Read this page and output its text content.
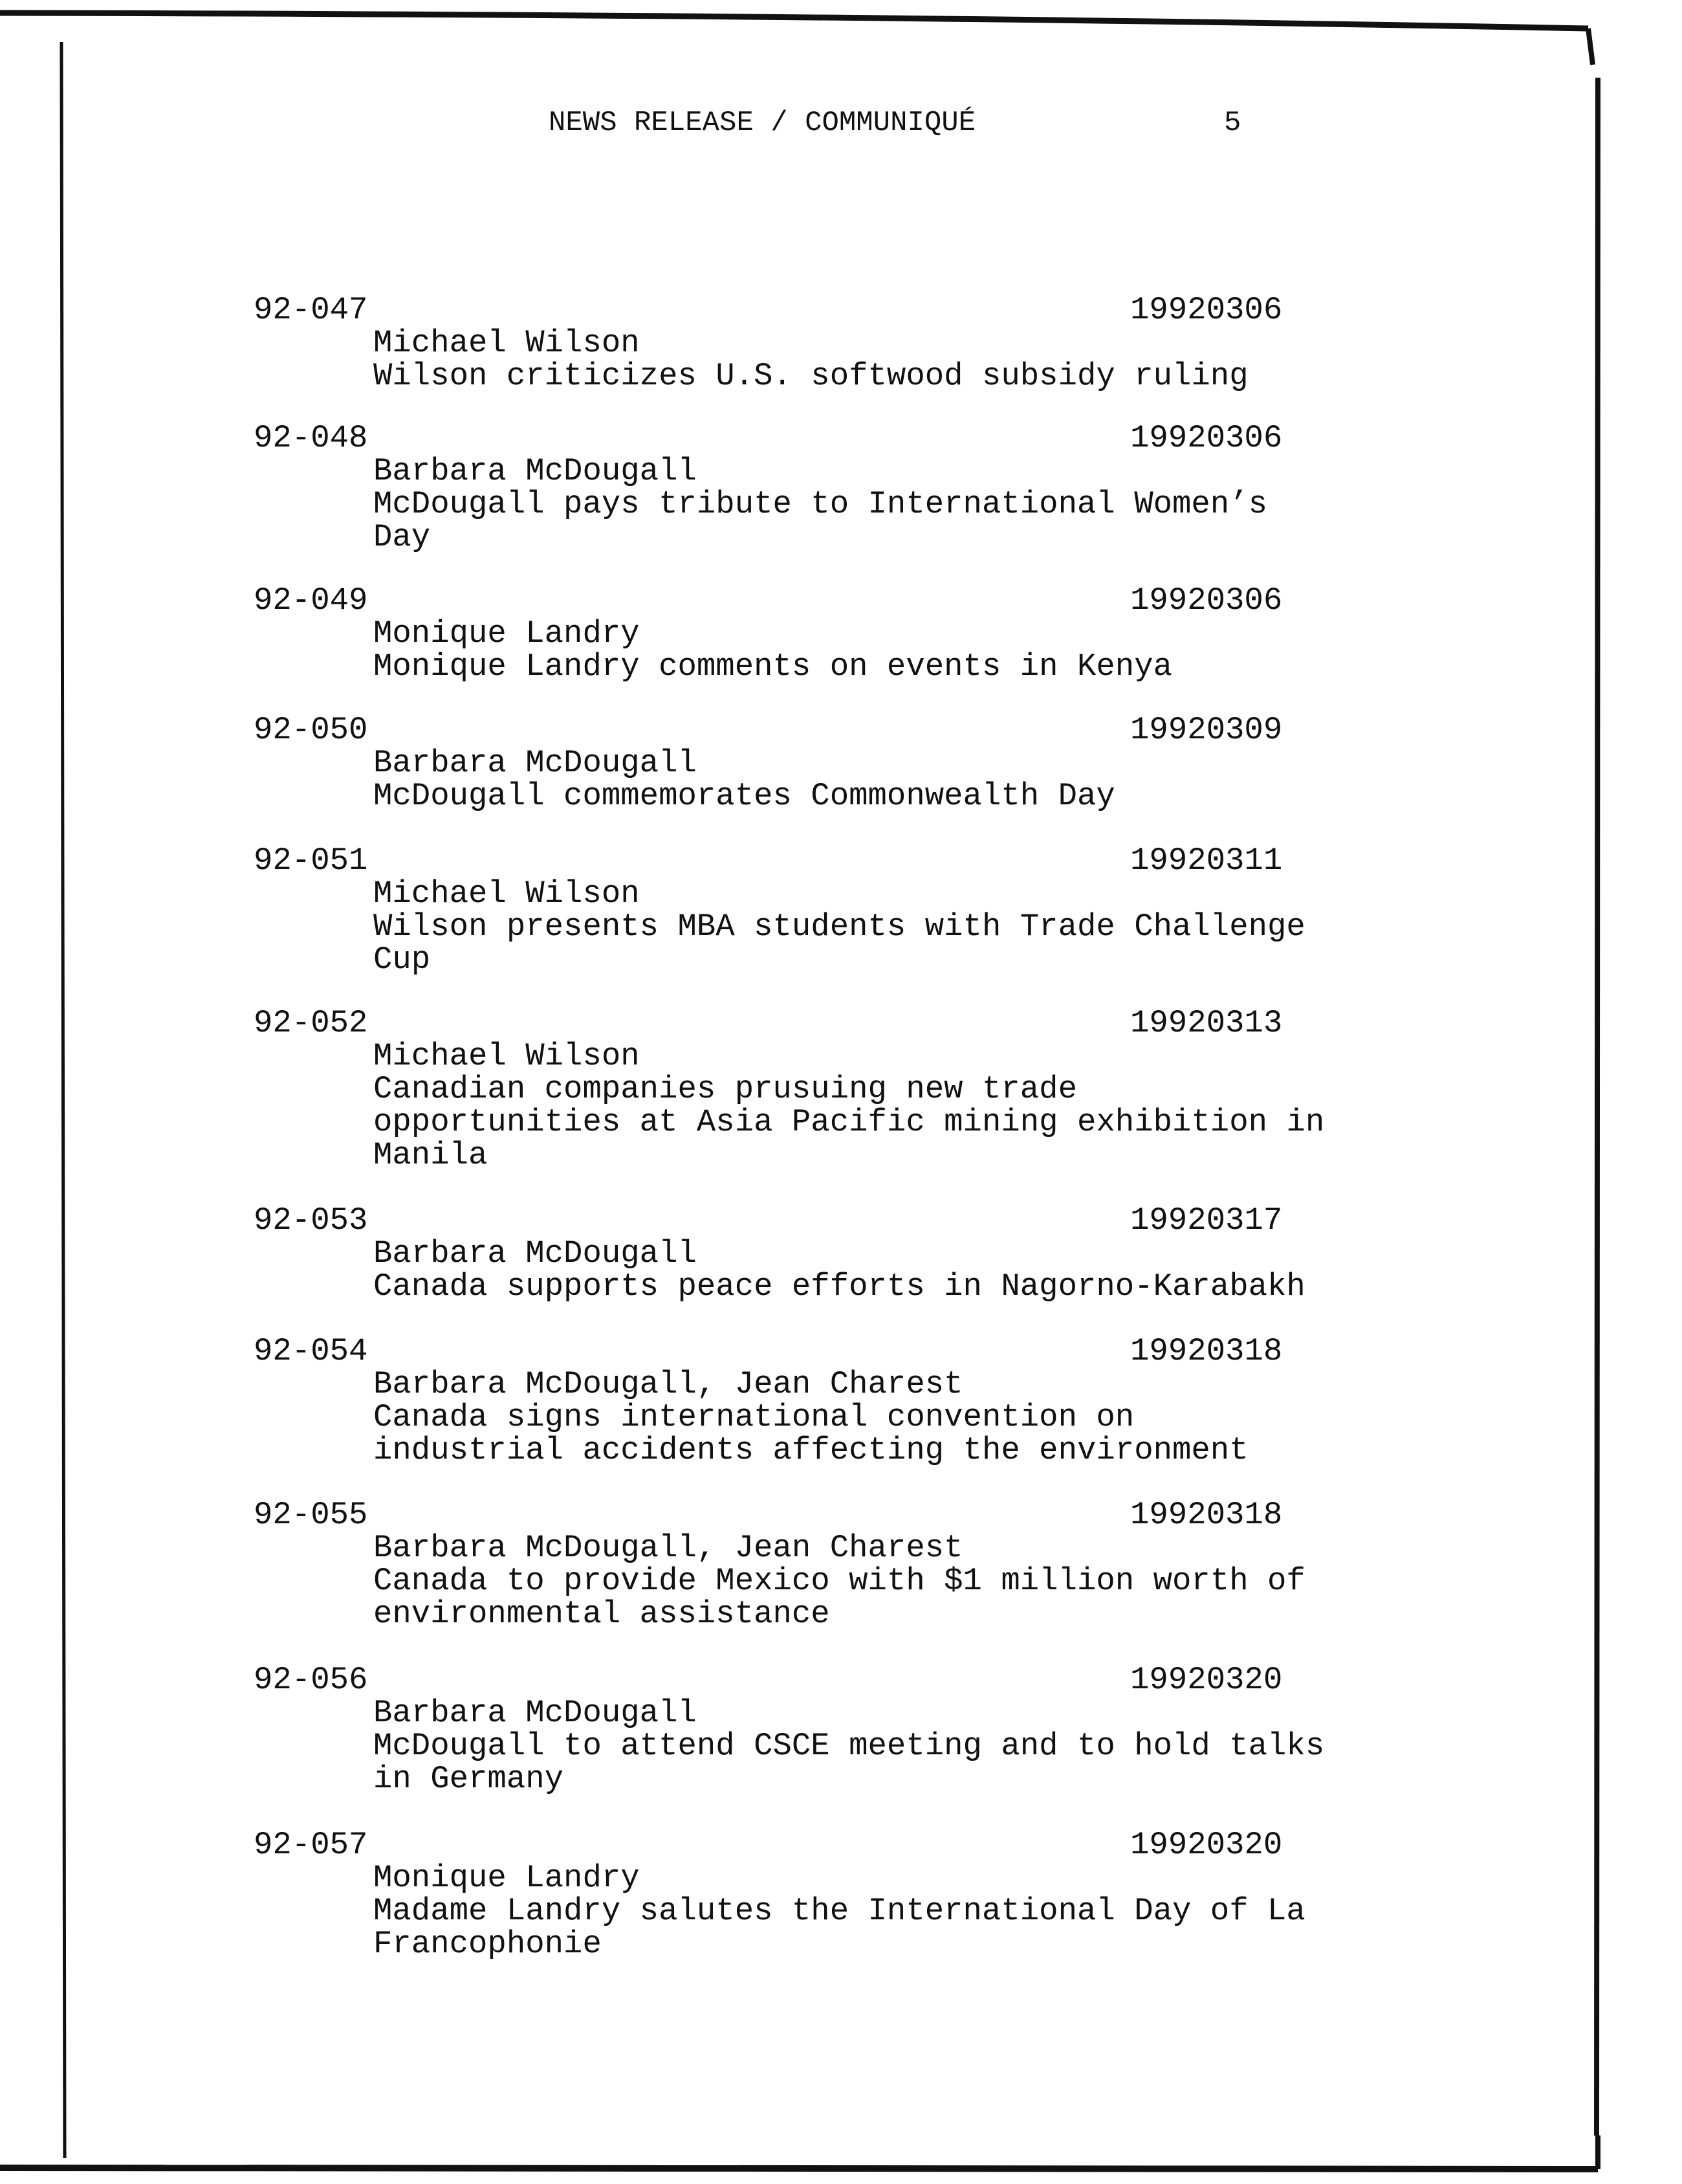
NEWS RELEASE / COMMUNIQUÉ	5
92-047	19920306
Michael Wilson
Wilson criticizes U.S. softwood subsidy ruling
92-048	19920306
Barbara McDougall
McDougall pays tribute to International Women’s
Day
92-049	19920306
Monique Landry
Monique Landry comments on events in Kenya
92-050	19920309
Barbara McDougall
McDougall commemorates Commonwealth Day
92-051	19920311
Michael Wilson
Wilson presents MBA students with Trade Challenge
Cup
92-052	19920313
Michael Wilson
Canadian companies prusuing new trade
opportunities at Asia Pacific mining exhibition in
Manila
92-053	19920317
Barbara McDougall
Canada supports peace efforts in Nagorno-Karabakh
92-054	19920318
Barbara McDougall, Jean Charest
Canada signs international convention on
industrial accidents affecting the environment
92-055	19920318
Barbara McDougall, Jean Charest
Canada to provide Mexico with $1 million worth of
environmental assistance
92-056	19920320
Barbara McDougall
McDougall to attend CSCE meeting and to hold talks
in Germany
92-057	19920320
Monique Landry
Madame Landry salutes the International Day of La
Francophonie
